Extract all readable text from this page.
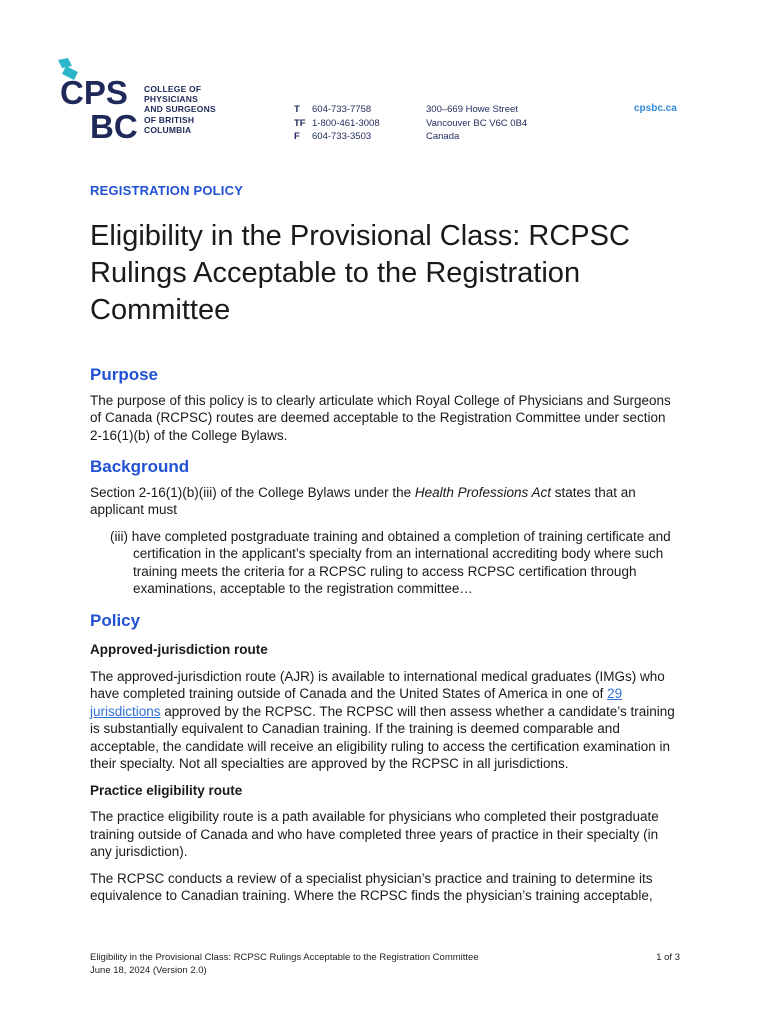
CPS
BC
COLLEGE OF
PHYSICIANS
AND SURGEONS
OF BRITISH
COLUMBIA
T 604-733-7758
TF 1-800-461-3008
F 604-733-3503
300–669 Howe Street
Vancouver BC V6C 0B4
Canada
cpsbc.ca
REGISTRATION POLICY
Eligibility in the Provisional Class: RCPSC Rulings Acceptable to the Registration Committee
Purpose

The purpose of this policy is to clearly articulate which Royal College of Physicians and Surgeons of Canada (RCPSC) routes are deemed acceptable to the Registration Committee under section 2-16(1)(b) of the College Bylaws.

Background

Section 2-16(1)(b)(iii) of the College Bylaws under the Health Professions Act states that an applicant must

(iii) have completed postgraduate training and obtained a completion of training certificate and certification in the applicant’s specialty from an international accrediting body where such training meets the criteria for a RCPSC ruling to access RCPSC certification through examinations, acceptable to the registration committee…
Policy
Approved-jurisdiction route

The approved-jurisdiction route (AJR) is available to international medical graduates (IMGs) who have completed training outside of Canada and the United States of America in one of 29 jurisdictions approved by the RCPSC. The RCPSC will then assess whether a candidate’s training is substantially equivalent to Canadian training. If the training is deemed comparable and acceptable, the candidate will receive an eligibility ruling to access the certification examination in their specialty. Not all specialties are approved by the RCPSC in all jurisdictions.

Practice eligibility route

The practice eligibility route is a path available for physicians who completed their postgraduate training outside of Canada and who have completed three years of practice in their specialty (in any jurisdiction).

The RCPSC conducts a review of a specialist physician’s practice and training to determine its equivalence to Canadian training. Where the RCPSC finds the physician’s training acceptable,

Eligibility in the Provisional Class: RCPSC Rulings Acceptable to the Registration Committee
June 18, 2024 (Version 2.0)
1 of 3
